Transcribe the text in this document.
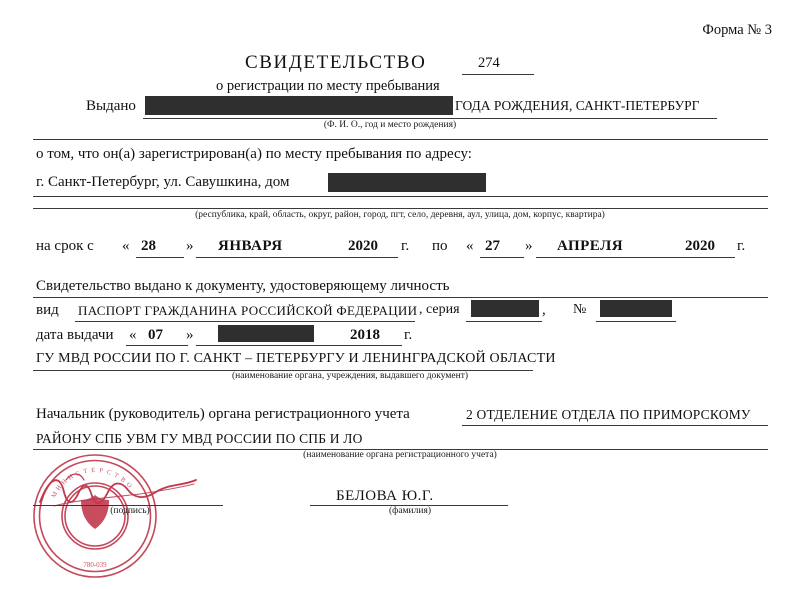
Форма № 3
СВИДЕТЕЛЬСТВО	274
о регистрации по месту пребывания
Выдано	ГОДА РОЖДЕНИЯ, САНКТ-ПЕТЕРБУРГ
(Ф. И. О., год и место рождения)
о том, что он(а) зарегистрирован(а) по месту пребывания по адресу:
г. Санкт-Петербург, ул. Савушкина, дом
(республика, край, область, округ, район, город, пгт, село, деревня, аул, улица, дом, корпус, квартира)
на срок с « 28 » ЯНВАРЯ	2020 г. по « 27 » АПРЕЛЯ	2020 г.
Свидетельство выдано к документу, удостоверяющему личность
вид ПАСПОРТ ГРАЖДАНИНА РОССИЙСКОЙ ФЕДЕРАЦИИ , серия	, №
дата выдачи « 07 »	2018 г.
ГУ МВД РОССИИ ПО Г. САНКТ – ПЕТЕРБУРГУ И ЛЕНИНГРАДСКОЙ ОБЛАСТИ
(наименование органа, учреждения, выдавшего документ)
Начальник (руководитель) органа регистрационного учета	2 ОТДЕЛЕНИЕ ОТДЕЛА ПО ПРИМОРСКОМУ
РАЙОНУ СПБ УВМ ГУ МВД РОССИИ ПО СПБ И ЛО
(наименование органа регистрационного учета)
М
И
Н
И С Т Е Р С Т
В
О
780-039
БЕЛОВА Ю.Г.
(подпись)	(фамилия)
